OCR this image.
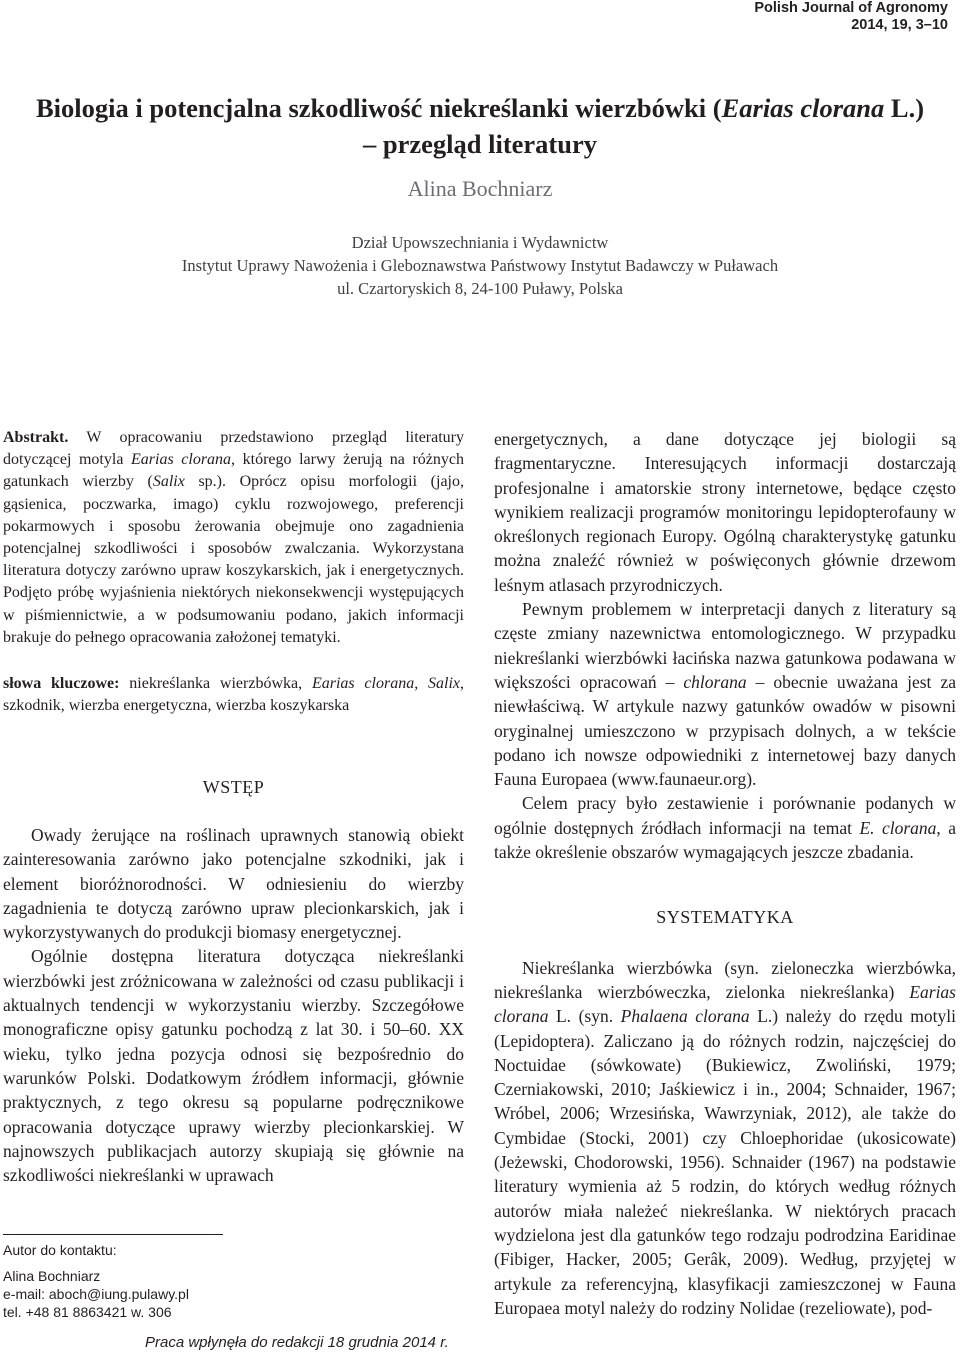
Polish Journal of Agronomy
2014, 19, 3–10
Biologia i potencjalna szkodliwość niekreślanki wierzbówki (Earias clorana L.)
– przegląd literatury
Alina Bochniarz
Dział Upowszechniania i Wydawnictw
Instytut Uprawy Nawożenia i Gleboznawstwa Państwowy Instytut Badawczy w Puławach
ul. Czartoryskich 8, 24-100 Puławy, Polska

Abstrakt. W opracowaniu przedstawiono przegląd literatury dotyczącej motyla Earias clorana, którego larwy żerują na różnych gatunkach wierzby (Salix sp.). Oprócz opisu morfologii (jajo, gąsienica, poczwarka, imago) cyklu rozwojowego, preferencji pokarmowych i sposobu żerowania obejmuje ono zagadnienia potencjalnej szkodliwości i sposobów zwalczania. Wykorzystana literatura dotyczy zarówno upraw koszykarskich, jak i energetycznych. Podjęto próbę wyjaśnienia niektórych niekonsekwencji występujących w piśmiennictwie, a w podsumowaniu podano, jakich informacji brakuje do pełnego opracowania założonej tematyki.

słowa kluczowe: niekreślanka wierzbówka, Earias clorana, Salix, szkodnik, wierzba energetyczna, wierzba koszykarska

WSTĘP

Owady żerujące na roślinach uprawnych stanowią obiekt zainteresowania zarówno jako potencjalne szkodniki, jak i element bioróżnorodności. W odniesieniu do wierzby zagadnienia te dotyczą zarówno upraw plecionkarskich, jak i wykorzystywanych do produkcji biomasy energetycznej.

Ogólnie dostępna literatura dotycząca niekreślanki wierzbówki jest zróżnicowana w zależności od czasu publikacji i aktualnych tendencji w wykorzystaniu wierzby. Szczegółowe monograficzne opisy gatunku pochodzą z lat 30. i 50–60. XX wieku, tylko jedna pozycja odnosi się bezpośrednio do warunków Polski. Dodatkowym źródłem informacji, głównie praktycznych, z tego okresu są popularne podręcznikowe opracowania dotyczące uprawy wierzby plecionkarskiej. W najnowszych publikacjach autorzy skupiają się głównie na szkodliwości niekreślanki w uprawach

energetycznych, a dane dotyczące jej biologii są fragmentaryczne. Interesujących informacji dostarczają profesjonalne i amatorskie strony internetowe, będące często wynikiem realizacji programów monitoringu lepidopterofauny w określonych regionach Europy. Ogólną charakterystykę gatunku można znaleźć również w poświęconych głównie drzewom leśnym atlasach przyrodniczych.

Pewnym problemem w interpretacji danych z literatury są częste zmiany nazewnictwa entomologicznego. W przypadku niekreślanki wierzbówki łacińska nazwa gatunkowa podawana w większości opracowań – chlorana – obecnie uważana jest za niewłaściwą. W artykule nazwy gatunków owadów w pisowni oryginalnej umieszczono w przypisach dolnych, a w tekście podano ich nowsze odpowiedniki z internetowej bazy danych Fauna Europaea (www.faunaeur.org).

Celem pracy było zestawienie i porównanie podanych w ogólnie dostępnych źródłach informacji na temat E. clorana, a także określenie obszarów wymagających jeszcze zbadania.

SYSTEMATYKA

Niekreślanka wierzbówka (syn. zieloneczka wierzbówka, niekreślanka wierzbóweczka, zielonka niekreślanka) Earias clorana L. (syn. Phalaena clorana L.) należy do rzędu motyli (Lepidoptera). Zaliczano ją do różnych rodzin, najczęściej do Noctuidae (sówkowate) (Bukiewicz, Zwoliński, 1979; Czerniakowski, 2010; Jaśkiewicz i in., 2004; Schnaider, 1967; Wróbel, 2006; Wrzesińska, Wawrzyniak, 2012), ale także do Cymbidae (Stocki, 2001) czy Chloephoridae (ukosicowate) (Jeżewski, Chodorowski, 1956). Schnaider (1967) na podstawie literatury wymienia aż 5 rodzin, do których według różnych autorów miała należeć niekreślanka. W niektórych pracach wydzielona jest dla gatunków tego rodzaju podrodzina Earidinae (Fibiger, Hacker, 2005; Gerâk, 2009). Według, przyjętej w artykule za referencyjną, klasyfikacji zamieszczonej w Fauna Europaea motyl należy do rodziny Nolidae (rezeliowate), pod-

Autor do kontaktu:
Alina Bochniarz
e-mail: aboch@iung.pulawy.pl
tel. +48 81 8863421 w. 306
Praca wpłynęła do redakcji 18 grudnia 2014 r.
